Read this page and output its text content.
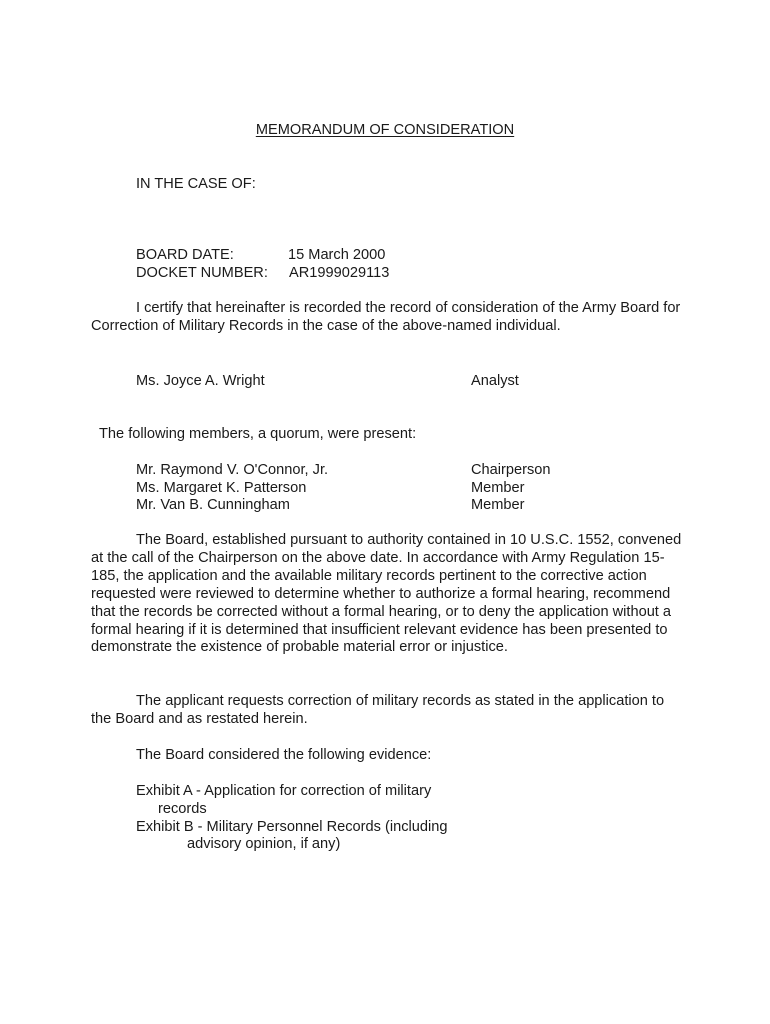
MEMORANDUM OF CONSIDERATION
IN THE CASE OF:
BOARD DATE:	15 March 2000
DOCKET NUMBER: AR1999029113
I certify that hereinafter is recorded the record of consideration of the Army Board for Correction of Military Records in the case of the above-named individual.
Ms. Joyce A. Wright	Analyst
The following members, a quorum, were present:
Mr. Raymond V. O'Connor, Jr.	Chairperson
Ms. Margaret K. Patterson	Member
Mr. Van B. Cunningham	Member
The Board, established pursuant to authority contained in 10 U.S.C. 1552, convened at the call of the Chairperson on the above date. In accordance with Army Regulation 15-185, the application and the available military records pertinent to the corrective action requested were reviewed to determine whether to authorize a formal hearing, recommend that the records be corrected without a formal hearing, or to deny the application without a formal hearing if it is determined that insufficient relevant evidence has been presented to demonstrate the existence of probable material error or injustice.
The applicant requests correction of military records as stated in the application to the Board and as restated herein.
The Board considered the following evidence:
Exhibit A - Application for correction of military
records
Exhibit B - Military Personnel Records (including
advisory opinion, if any)
